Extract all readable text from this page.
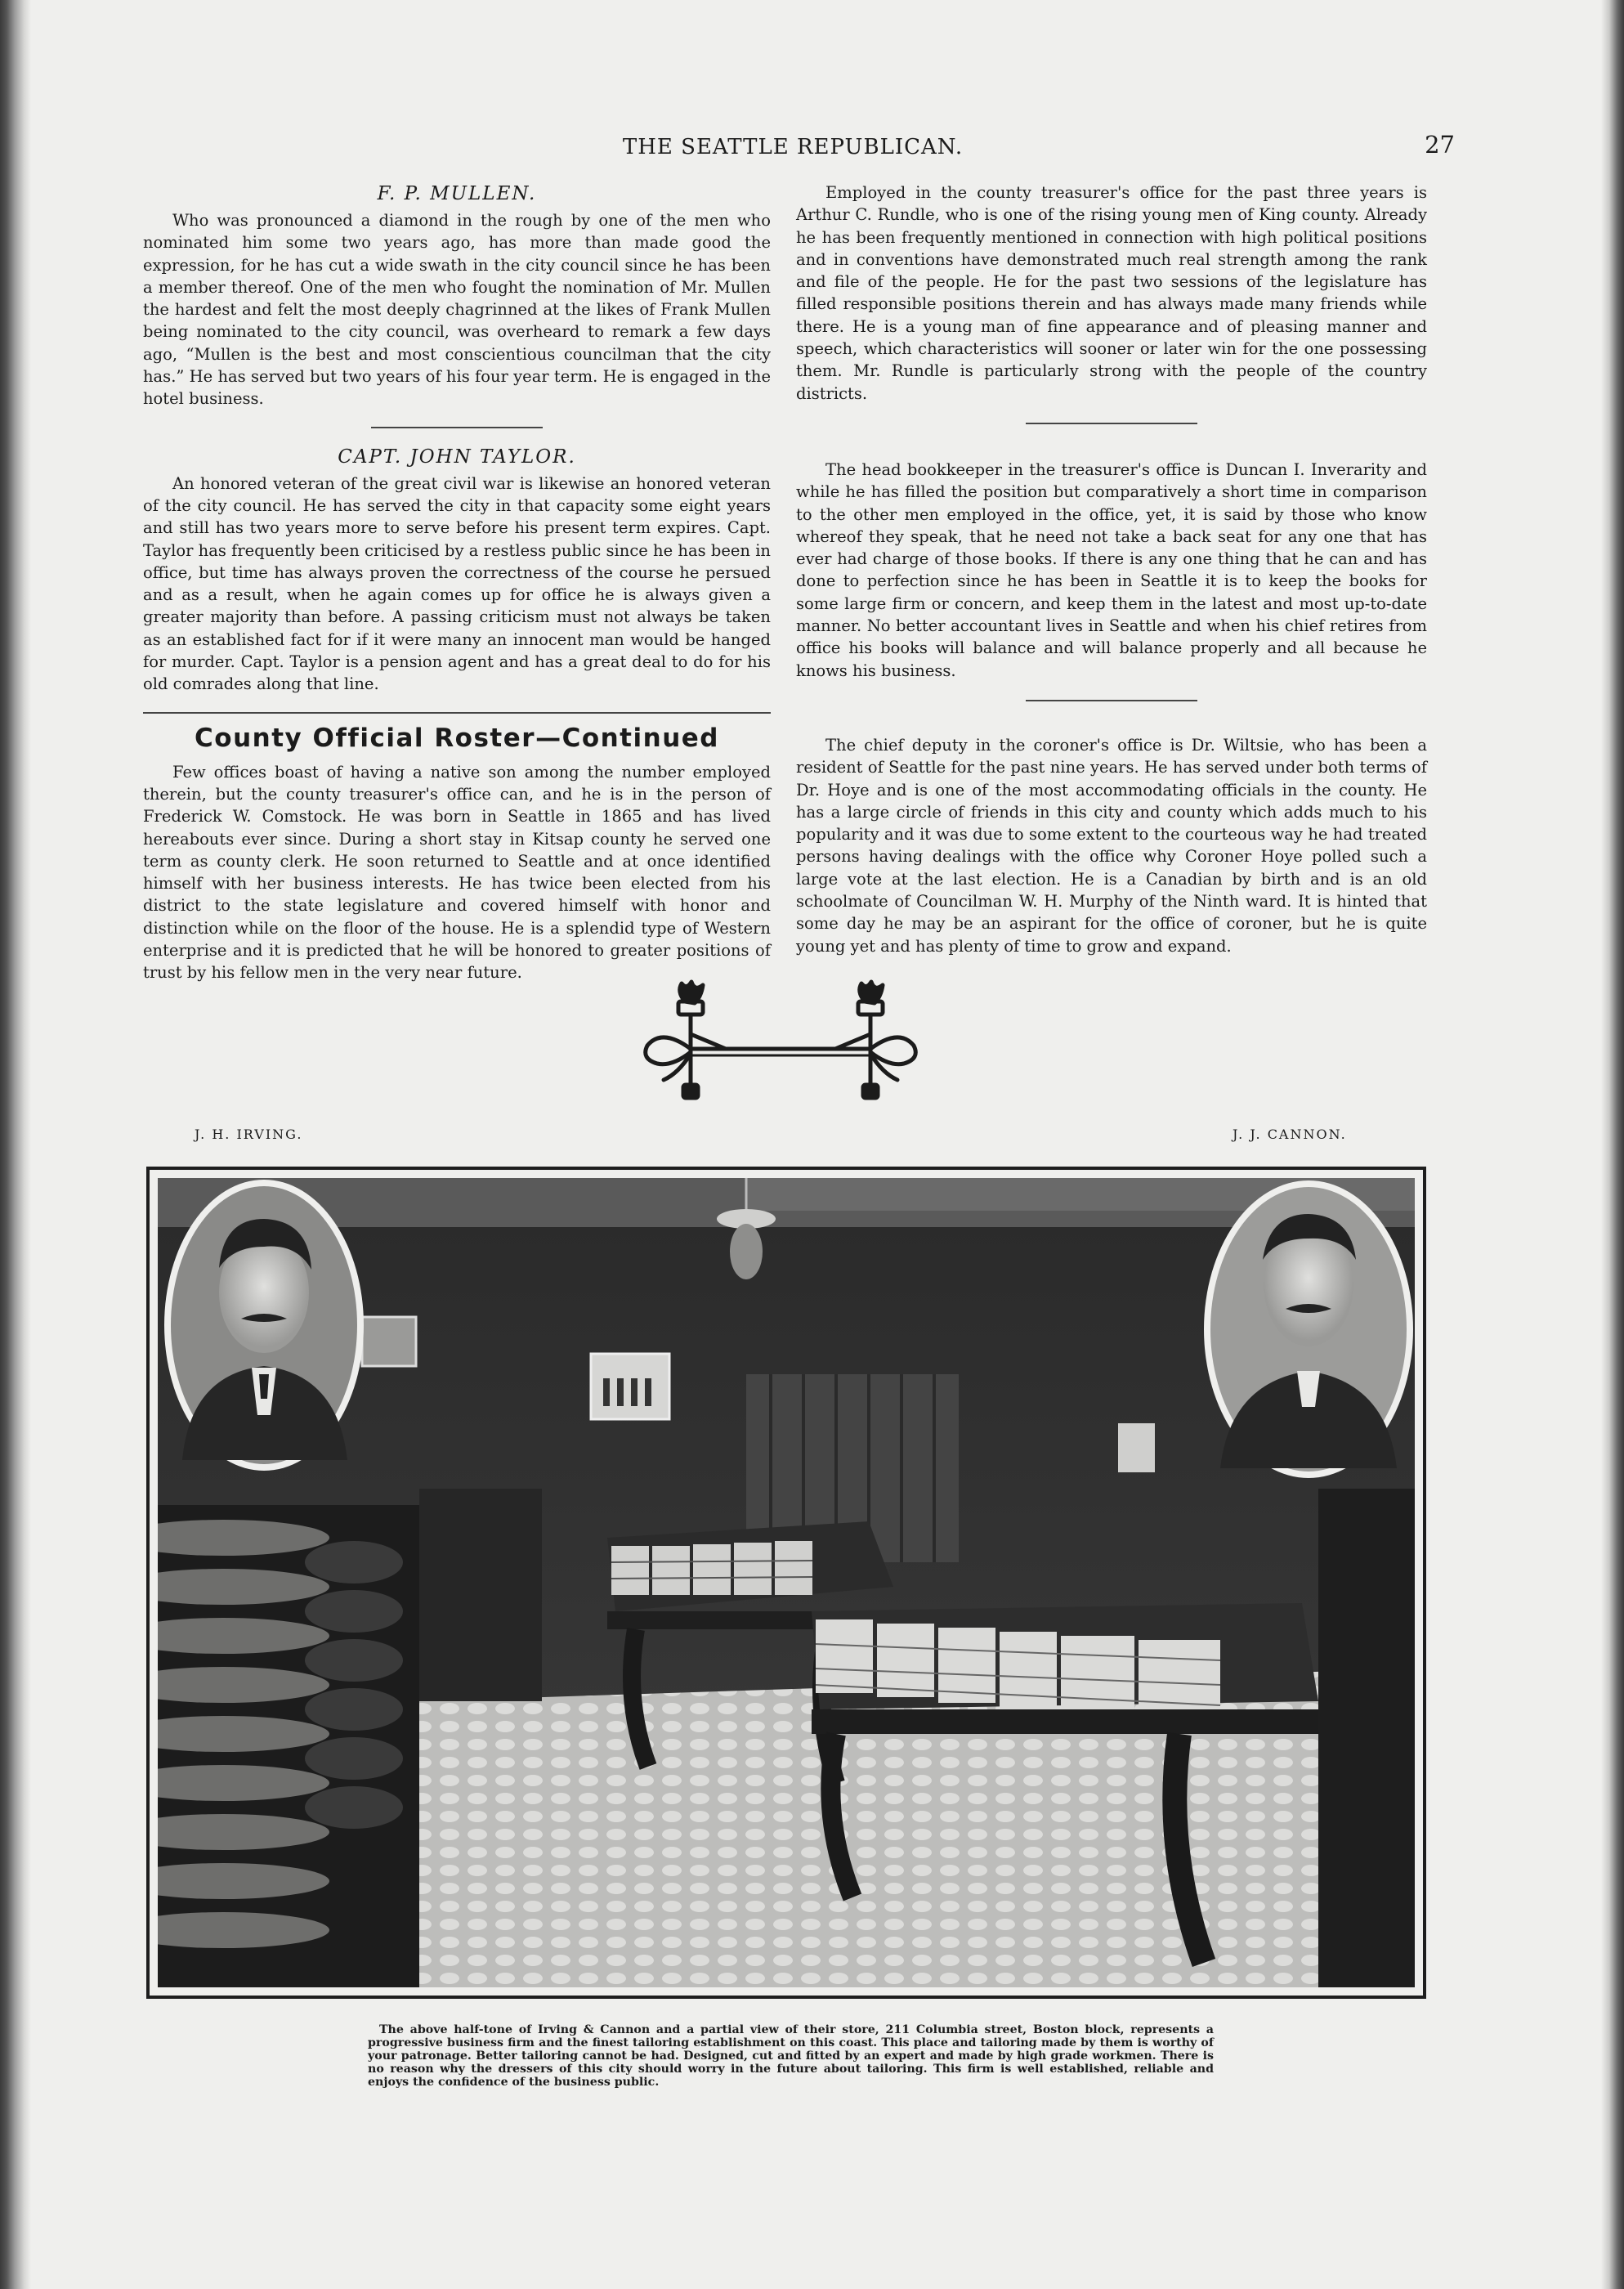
THE SEATTLE REPUBLICAN.	27
F. P. MULLEN.

Who was pronounced a diamond in the rough by one of the men who nominated him some two years ago, has more than made good the expression, for he has cut a wide swath in the city council since he has been a member thereof. One of the men who fought the nomination of Mr. Mullen the hardest and felt the most deeply chagrinned at the likes of Frank Mullen being nominated to the city council, was overheard to remark a few days ago, “Mullen is the best and most conscientious councilman that the city has.” He has served but two years of his four year term. He is engaged in the hotel business.

CAPT. JOHN TAYLOR.

An honored veteran of the great civil war is likewise an honored veteran of the city council. He has served the city in that capacity some eight years and still has two years more to serve before his present term expires. Capt. Taylor has frequently been criticised by a restless public since he has been in office, but time has always proven the correctness of the course he persued and as a result, when he again comes up for office he is always given a greater majority than before. A passing criticism must not always be taken as an established fact for if it were many an innocent man would be hanged for murder. Capt. Taylor is a pension agent and has a great deal to do for his old comrades along that line.

County Official Roster—Continued

Few offices boast of having a native son among the number employed therein, but the county treasurer's office can, and he is in the person of Frederick W. Comstock. He was born in Seattle in 1865 and has lived hereabouts ever since. During a short stay in Kitsap county he served one term as county clerk. He soon returned to Seattle and at once identified himself with her business interests. He has twice been elected from his district to the state legislature and covered himself with honor and distinction while on the floor of the house. He is a splendid type of Western enterprise and it is predicted that he will be honored to greater positions of trust by his fellow men in the very near future.

Employed in the county treasurer's office for the past three years is Arthur C. Rundle, who is one of the rising young men of King county. Already he has been frequently mentioned in connection with high political positions and in conventions have demonstrated much real strength among the rank and file of the people. He for the past two sessions of the legislature has filled responsible positions therein and has always made many friends while there. He is a young man of fine appearance and of pleasing manner and speech, which characteristics will sooner or later win for the one possessing them. Mr. Rundle is particularly strong with the people of the country districts.

The head bookkeeper in the treasurer's office is Duncan I. Inverarity and while he has filled the position but comparatively a short time in comparison to the other men employed in the office, yet, it is said by those who know whereof they speak, that he need not take a back seat for any one that has ever had charge of those books. If there is any one thing that he can and has done to perfection since he has been in Seattle it is to keep the books for some large firm or concern, and keep them in the latest and most up-to-date manner. No better accountant lives in Seattle and when his chief retires from office his books will balance and will balance properly and all because he knows his business.

The chief deputy in the coroner's office is Dr. Wiltsie, who has been a resident of Seattle for the past nine years. He has served under both terms of Dr. Hoye and is one of the most accommodating officials in the county. He has a large circle of friends in this city and county which adds much to his popularity and it was due to some extent to the courteous way he had treated persons having dealings with the office why Coroner Hoye polled such a large vote at the last election. He is a Canadian by birth and is an old schoolmate of Councilman W. H. Murphy of the Ninth ward. It is hinted that some day he may be an aspirant for the office of coroner, but he is quite young yet and has plenty of time to grow and expand.

J. H. IRVING.	J. J. CANNON.
The above half-tone of Irving & Cannon and a partial view of their store, 211 Columbia street, Boston block, represents a progressive business firm and the finest tailoring establishment on this coast. This place and tailoring made by them is worthy of your patronage. Better tailoring cannot be had. Designed, cut and fitted by an expert and made by high grade workmen. There is no reason why the dressers of this city should worry in the future about tailoring. This firm is well established, reliable and enjoys the confidence of the business public.
